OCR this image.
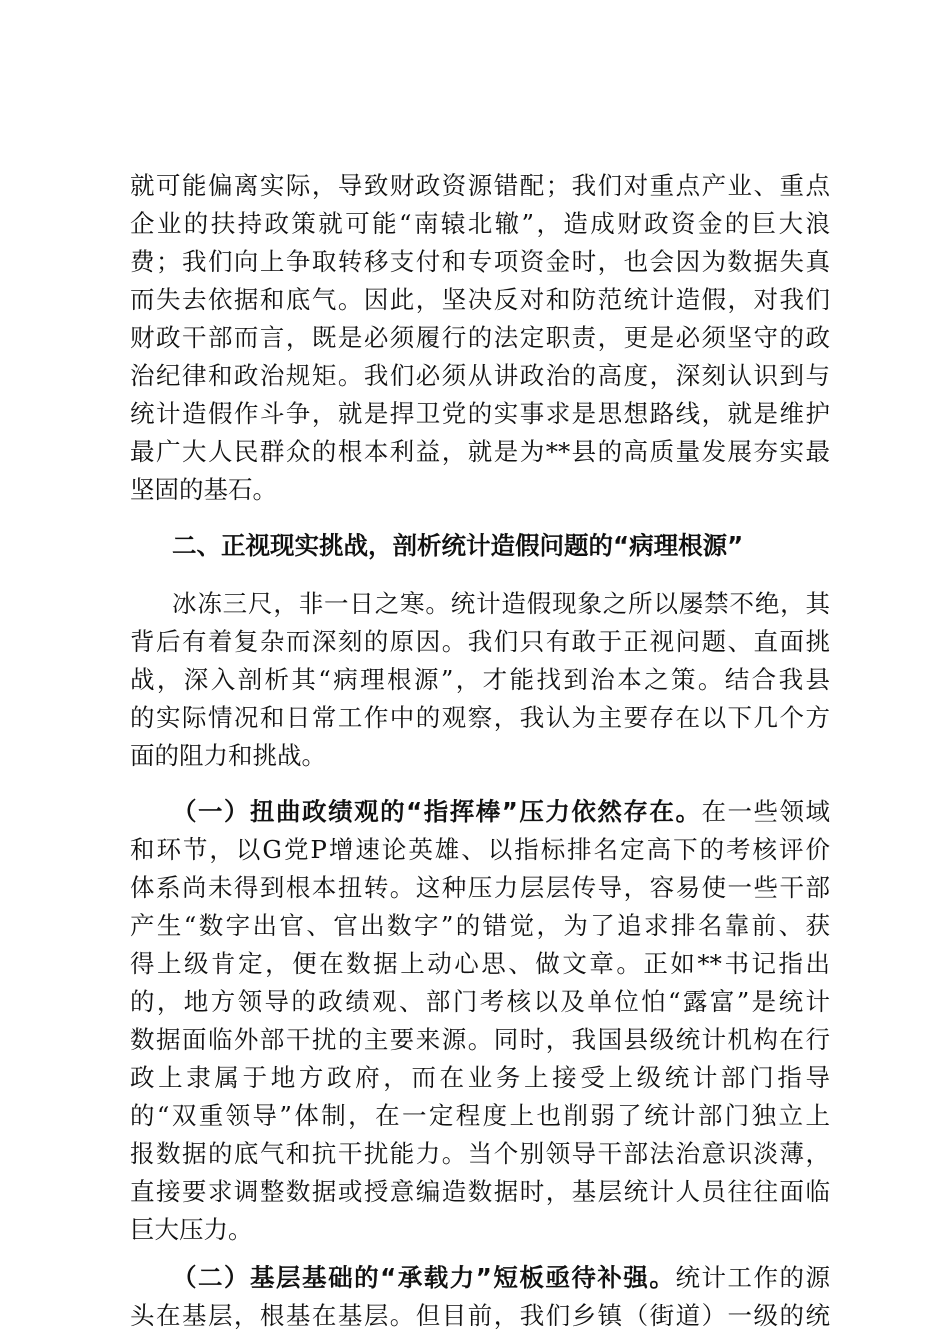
就可能偏离实际，导致财政资源错配；我们对重点产业、重点
企业的扶持政策就可能“南辕北辙”，造成财政资金的巨大浪
费；我们向上争取转移支付和专项资金时，也会因为数据失真
而失去依据和底气。因此，坚决反对和防范统计造假，对我们
财政干部而言，既是必须履行的法定职责，更是必须坚守的政
治纪律和政治规矩。我们必须从讲政治的高度，深刻认识到与
统计造假作斗争，就是捍卫党的实事求是思想路线，就是维护
最广大人民群众的根本利益，就是为**县的高质量发展夯实最
坚固的基石。
二、正视现实挑战，剖析统计造假问题的“病理根源”
冰冻三尺，非一日之寒。统计造假现象之所以屡禁不绝，其
背后有着复杂而深刻的原因。我们只有敢于正视问题、直面挑
战，深入剖析其“病理根源”，才能找到治本之策。结合我县
的实际情况和日常工作中的观察，我认为主要存在以下几个方
面的阻力和挑战。
（一）扭曲政绩观的“指挥棒”压力依然存在。在一些领域
和环节，以G党P增速论英雄、以指标排名定高下的考核评价
体系尚未得到根本扭转。这种压力层层传导，容易使一些干部
产生“数字出官、官出数字”的错觉，为了追求排名靠前、获
得上级肯定，便在数据上动心思、做文章。正如**书记指出
的，地方领导的政绩观、部门考核以及单位怕“露富”是统计
数据面临外部干扰的主要来源。同时，我国县级统计机构在行
政上隶属于地方政府，而在业务上接受上级统计部门指导
的“双重领导”体制，在一定程度上也削弱了统计部门独立上
报数据的底气和抗干扰能力。当个别领导干部法治意识淡薄，
直接要求调整数据或授意编造数据时，基层统计人员往往面临
巨大压力。
（二）基层基础的“承载力”短板亟待补强。统计工作的源
头在基层，根基在基层。但目前，我们乡镇（街道）一级的统
